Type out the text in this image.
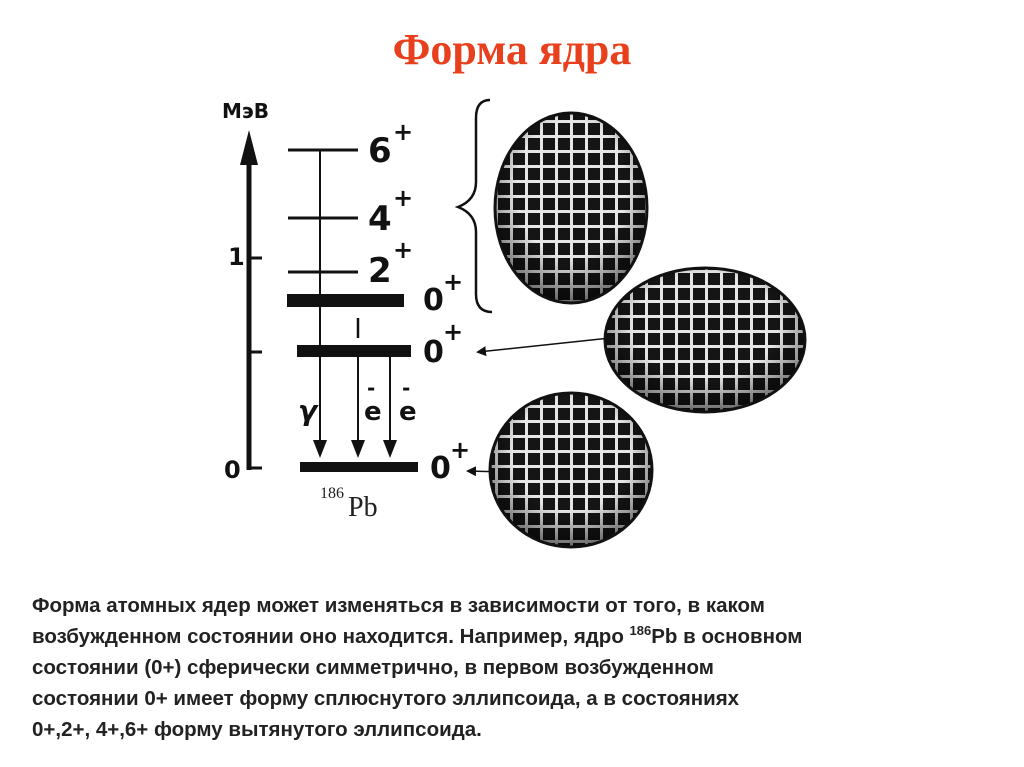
Форма ядра
МэВ
1
0
6 +
4
+
2
+
0
+
0
+
0
+
γ e
-
e
-
186 Pb
Форма атомных ядер может изменяться в зависимости от того, в каком
возбужденном состоянии оно находится. Например, ядро $^{186}$Pb в основном
состоянии (0+) сферически симметрично, в первом возбужденном
состоянии 0+ имеет форму сплюснутого эллипсоида, а в состояниях
0+,2+, 4+,6+ форму вытянутого эллипсоида.
